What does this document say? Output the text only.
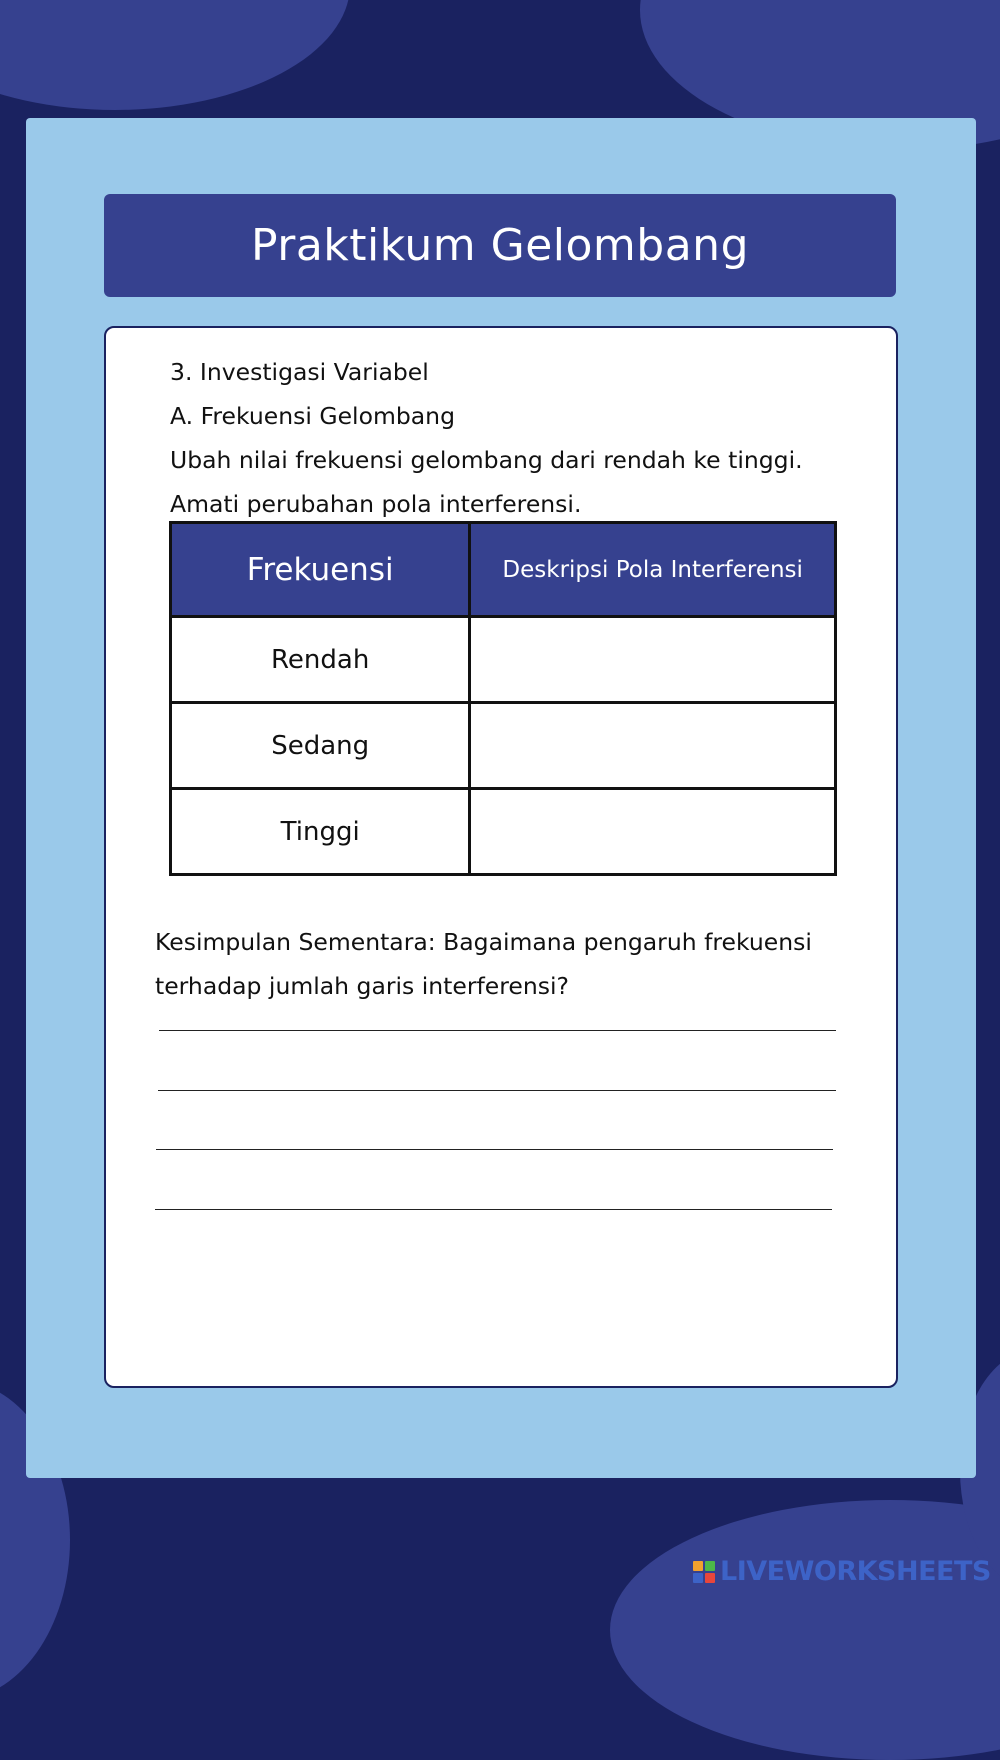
Praktikum Gelombang
3. Investigasi Variabel
A. Frekuensi Gelombang
Ubah nilai frekuensi gelombang dari rendah ke tinggi.
Amati perubahan pola interferensi.
Frekuensi	Deskripsi Pola Interferensi
Rendah	
Sedang	
Tinggi	
Kesimpulan Sementara: Bagaimana pengaruh frekuensi terhadap jumlah garis interferensi?
LIVEWORKSHEETS
